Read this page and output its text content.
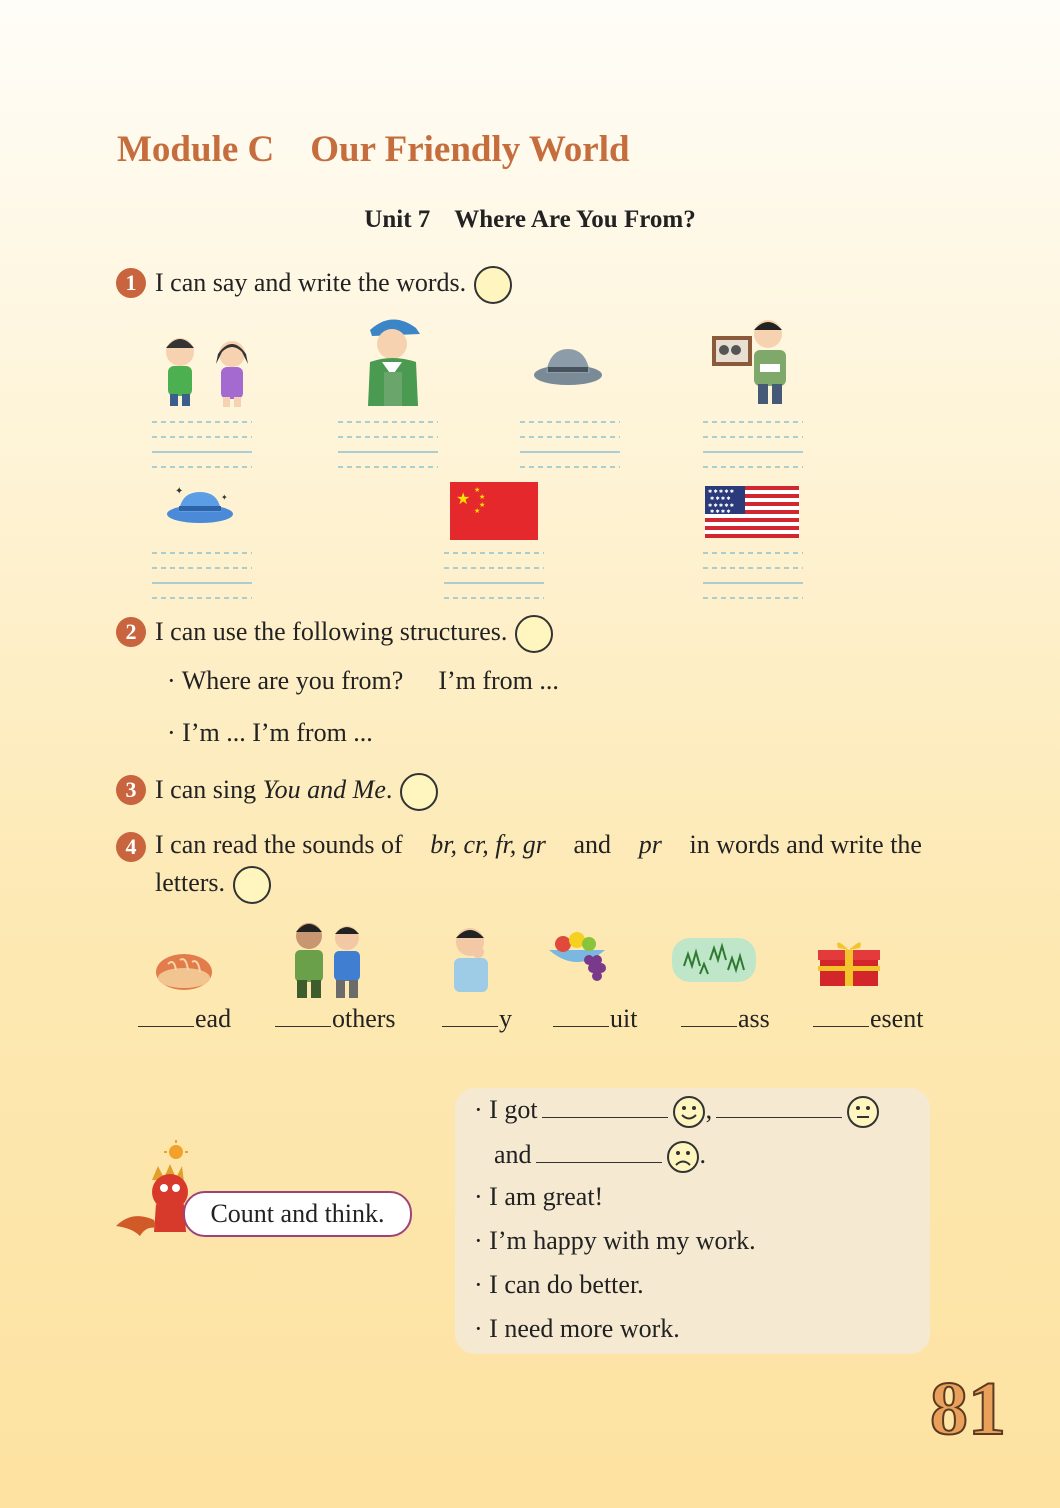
Module C Our Friendly World
Unit 7 Where Are You From?
1 I can say and write the words.
✦
✦	★
★
★
★
★
✱ ✱ ✱ ✱ ✱
✱ ✱ ✱ ✱
✱ ✱ ✱ ✱ ✱
✱ ✱ ✱ ✱
2 I can use the following structures.
· Where are you from? I’m from ...
· I’m ... I’m from ...
3 I can sing You and Me.
4 I can read the sounds of br, cr, fr, gr and pr in words and write the
letters.
ead	others	y	uit	ass	esent
Count and think.
· I got	,
and	.
· I am great!
· I’m happy with my work.
· I can do better.
· I need more work.
81
